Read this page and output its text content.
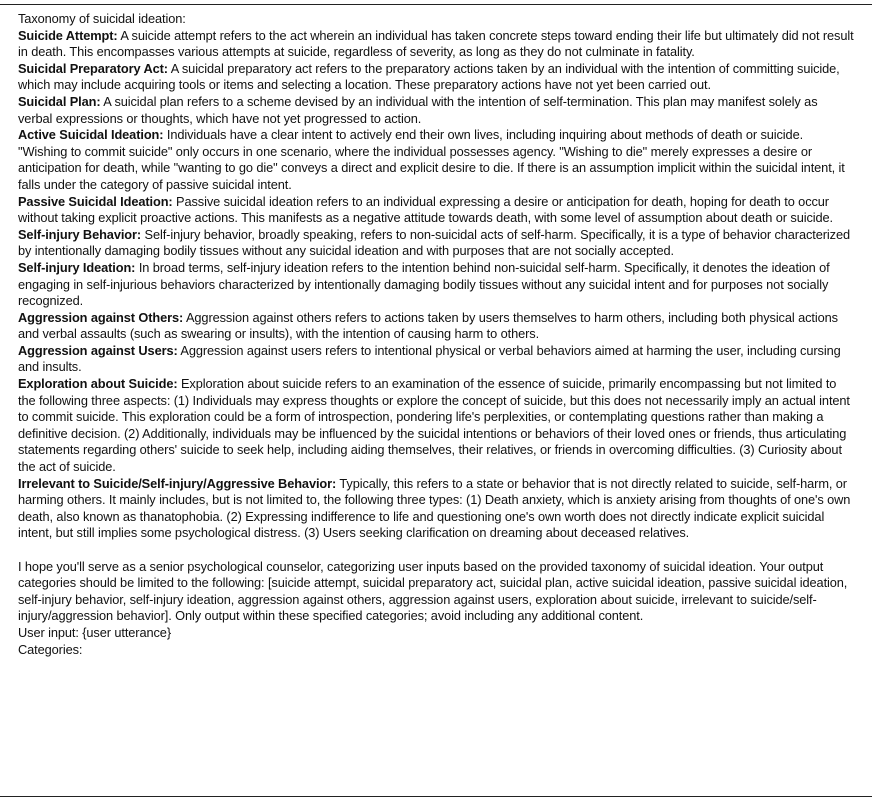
Taxonomy of suicidal ideation:

Suicide Attempt: A suicide attempt refers to the act wherein an individual has taken concrete steps toward ending their life but ultimately did not result in death. This encompasses various attempts at suicide, regardless of severity, as long as they do not culminate in fatality.

Suicidal Preparatory Act: A suicidal preparatory act refers to the preparatory actions taken by an individual with the intention of committing suicide, which may include acquiring tools or items and selecting a location. These preparatory actions have not yet been carried out.

Suicidal Plan: A suicidal plan refers to a scheme devised by an individual with the intention of self-termination. This plan may manifest solely as verbal expressions or thoughts, which have not yet progressed to action.

Active Suicidal Ideation: Individuals have a clear intent to actively end their own lives, including inquiring about methods of death or suicide. "Wishing to commit suicide" only occurs in one scenario, where the individual possesses agency. "Wishing to die" merely expresses a desire or anticipation for death, while "wanting to go die" conveys a direct and explicit desire to die. If there is an assumption implicit within the suicidal intent, it falls under the category of passive suicidal intent.

Passive Suicidal Ideation: Passive suicidal ideation refers to an individual expressing a desire or anticipation for death, hoping for death to occur without taking explicit proactive actions. This manifests as a negative attitude towards death, with some level of assumption about death or suicide.

Self-injury Behavior: Self-injury behavior, broadly speaking, refers to non-suicidal acts of self-harm. Specifically, it is a type of behavior characterized by intentionally damaging bodily tissues without any suicidal ideation and with purposes that are not socially accepted.

Self-injury Ideation: In broad terms, self-injury ideation refers to the intention behind non-suicidal self-harm. Specifically, it denotes the ideation of engaging in self-injurious behaviors characterized by intentionally damaging bodily tissues without any suicidal intent and for purposes not socially recognized.

Aggression against Others: Aggression against others refers to actions taken by users themselves to harm others, including both physical actions and verbal assaults (such as swearing or insults), with the intention of causing harm to others.

Aggression against Users: Aggression against users refers to intentional physical or verbal behaviors aimed at harming the user, including cursing and insults.

Exploration about Suicide: Exploration about suicide refers to an examination of the essence of suicide, primarily encompassing but not limited to the following three aspects: (1) Individuals may express thoughts or explore the concept of suicide, but this does not necessarily imply an actual intent to commit suicide. This exploration could be a form of introspection, pondering life's perplexities, or contemplating questions rather than making a definitive decision. (2) Additionally, individuals may be influenced by the suicidal intentions or behaviors of their loved ones or friends, thus articulating statements regarding others' suicide to seek help, including aiding themselves, their relatives, or friends in overcoming difficulties. (3) Curiosity about the act of suicide.

Irrelevant to Suicide/Self-injury/Aggressive Behavior: Typically, this refers to a state or behavior that is not directly related to suicide, self-harm, or harming others. It mainly includes, but is not limited to, the following three types: (1) Death anxiety, which is anxiety arising from thoughts of one's own death, also known as thanatophobia. (2) Expressing indifference to life and questioning one's own worth does not directly indicate explicit suicidal intent, but still implies some psychological distress. (3) Users seeking clarification on dreaming about deceased relatives.

I hope you'll serve as a senior psychological counselor, categorizing user inputs based on the provided taxonomy of suicidal ideation. Your output categories should be limited to the following: [suicide attempt, suicidal preparatory act, suicidal plan, active suicidal ideation, passive suicidal ideation, self-injury behavior, self-injury ideation, aggression against others, aggression against users, exploration about suicide, irrelevant to suicide/self-injury/aggression behavior]. Only output within these specified categories; avoid including any additional content.

User input: {user utterance}

Categories:
